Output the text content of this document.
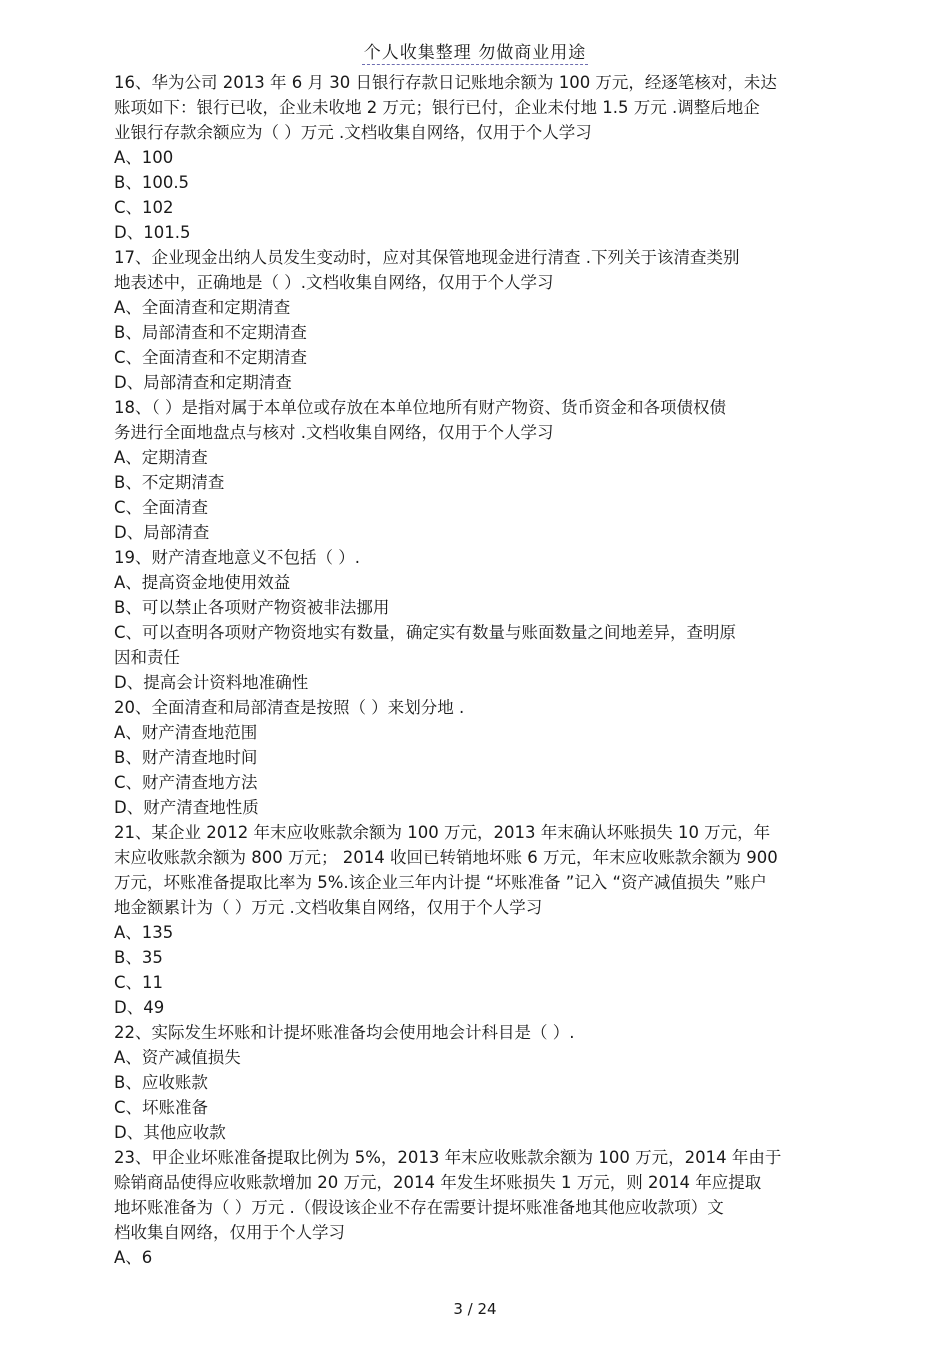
个人收集整理 勿做商业用途
16、华为公司 2013 年 6 月 30 日银行存款日记账地余额为 100 万元，经逐笔核对，未达
账项如下：银行已收，企业未收地 2 万元；银行已付，企业未付地 1.5 万元 .调整后地企
业银行存款余额应为（ ）万元 .文档收集自网络，仅用于个人学习
A、100
B、100.5
C、102
D、101.5
17、企业现金出纳人员发生变动时，应对其保管地现金进行清查 .下列关于该清查类别
地表述中，正确地是（ ）.文档收集自网络，仅用于个人学习
A、全面清查和定期清查
B、局部清查和不定期清查
C、全面清查和不定期清查
D、局部清查和定期清查
18、（ ）是指对属于本单位或存放在本单位地所有财产物资、货币资金和各项债权债
务进行全面地盘点与核对 .文档收集自网络，仅用于个人学习
A、定期清查
B、不定期清查
C、全面清查
D、局部清查
19、财产清查地意义不包括（ ）.
A、提高资金地使用效益
B、可以禁止各项财产物资被非法挪用
C、可以查明各项财产物资地实有数量，确定实有数量与账面数量之间地差异，查明原
因和责任
D、提高会计资料地准确性
20、全面清查和局部清查是按照（ ）来划分地 .
A、财产清查地范围
B、财产清查地时间
C、财产清查地方法
D、财产清查地性质
21、某企业 2012 年末应收账款余额为 100 万元，2013 年末确认坏账损失 10 万元，年
末应收账款余额为 800 万元； 2014 收回已转销地坏账 6 万元，年末应收账款余额为 900
万元，坏账准备提取比率为 5%.该企业三年内计提 “坏账准备 ”记入 “资产减值损失 ”账户
地金额累计为（ ）万元 .文档收集自网络，仅用于个人学习
A、135
B、35
C、11
D、49
22、实际发生坏账和计提坏账准备均会使用地会计科目是（ ）.
A、资产减值损失
B、应收账款
C、坏账准备
D、其他应收款
23、甲企业坏账准备提取比例为 5%，2013 年末应收账款余额为 100 万元，2014 年由于
赊销商品使得应收账款增加 20 万元，2014 年发生坏账损失 1 万元，则 2014 年应提取
地坏账准备为（ ）万元 .（假设该企业不存在需要计提坏账准备地其他应收款项）文
档收集自网络，仅用于个人学习
A、6
3 / 24
